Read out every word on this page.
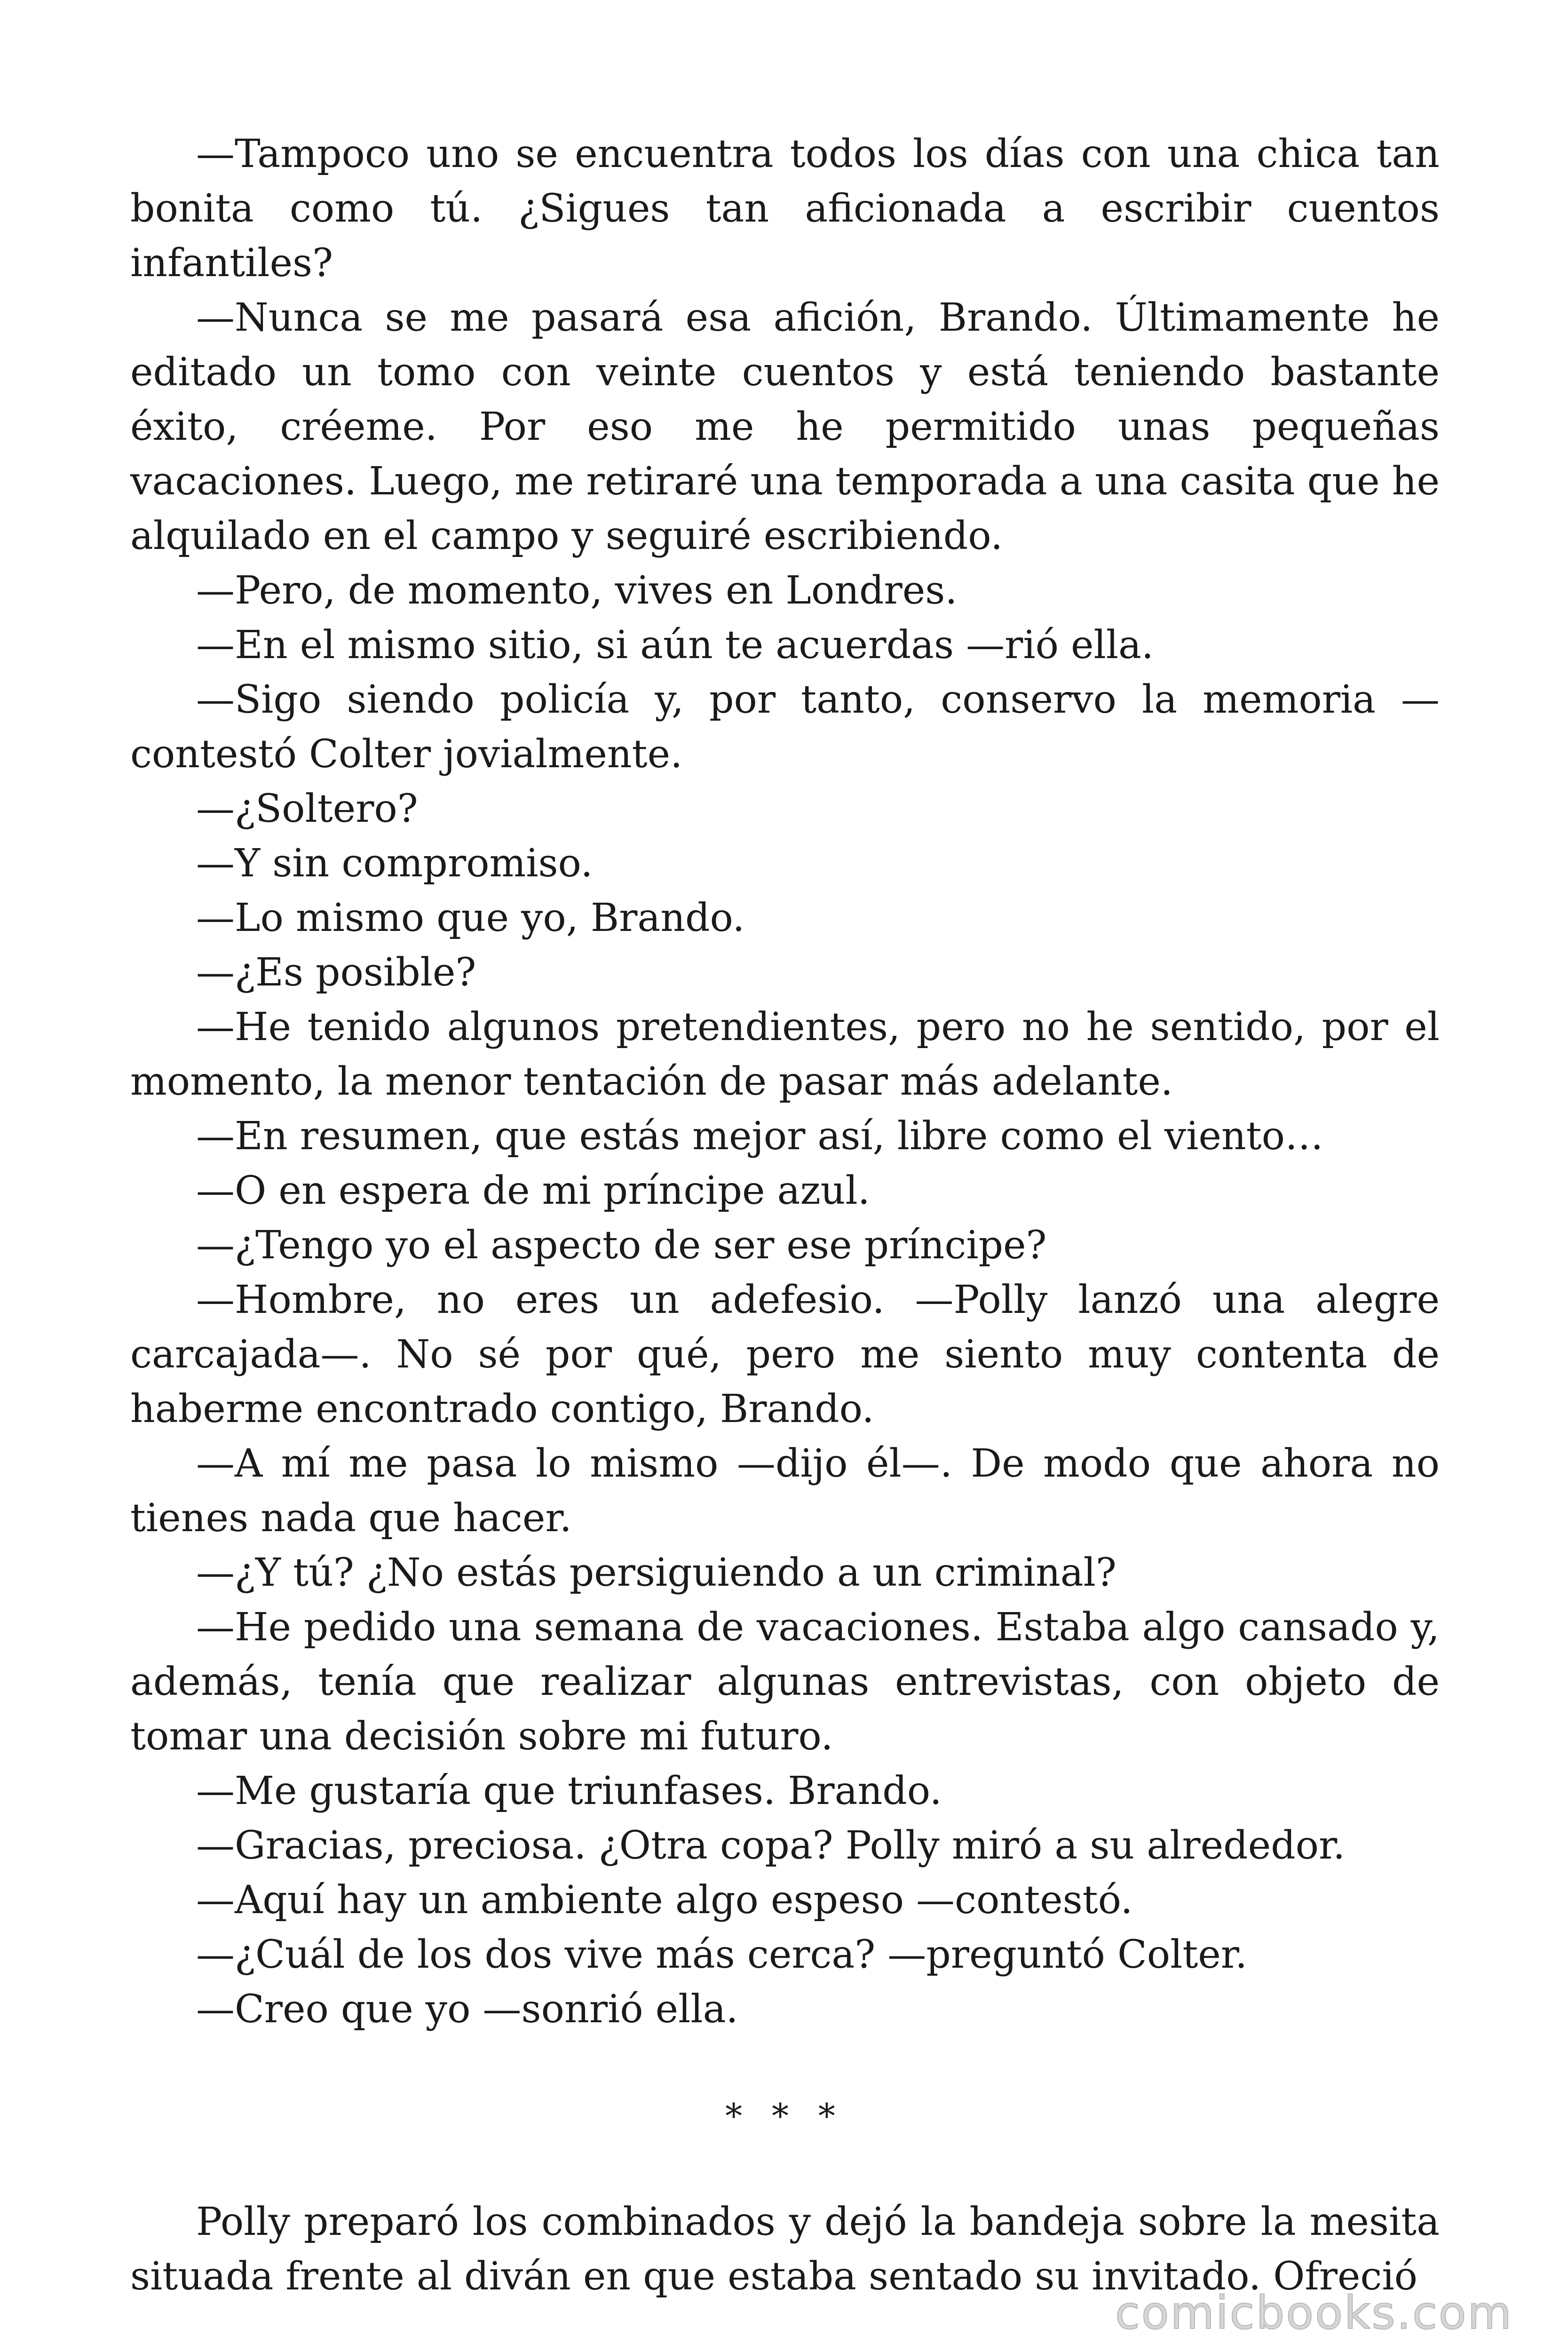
—Tampoco uno se encuentra todos los días con una chica tan bonita como tú. ¿Sigues tan aficionada a escribir cuentos infantiles?

—Nunca se me pasará esa afición, Brando. Últimamente he editado un tomo con veinte cuentos y está teniendo bastante éxito, créeme. Por eso me he permitido unas pequeñas vacaciones. Luego, me retiraré una temporada a una casita que he alquilado en el campo y seguiré escribiendo.

—Pero, de momento, vives en Londres.

—En el mismo sitio, si aún te acuerdas —rió ella.

—Sigo siendo policía y, por tanto, conservo la memoria —contestó Colter jovialmente.

—¿Soltero?

—Y sin compromiso.

—Lo mismo que yo, Brando.

—¿Es posible?

—He tenido algunos pretendientes, pero no he sentido, por el momento, la menor tentación de pasar más adelante.

—En resumen, que estás mejor así, libre como el viento…

—O en espera de mi príncipe azul.

—¿Tengo yo el aspecto de ser ese príncipe?

—Hombre, no eres un adefesio. —Polly lanzó una alegre carcajada—. No sé por qué, pero me siento muy contenta de haberme encontrado contigo, Brando.

—A mí me pasa lo mismo —dijo él—. De modo que ahora no tienes nada que hacer.

—¿Y tú? ¿No estás persiguiendo a un criminal?

—He pedido una semana de vacaciones. Estaba algo cansado y, además, tenía que realizar algunas entrevistas, con objeto de tomar una decisión sobre mi futuro.

—Me gustaría que triunfases. Brando.

—Gracias, preciosa. ¿Otra copa? Polly miró a su alrededor.

—Aquí hay un ambiente algo espeso —contestó.

—¿Cuál de los dos vive más cerca? —preguntó Colter.

—Creo que yo —sonrió ella.

* * *

Polly preparó los combinados y dejó la bandeja sobre la mesita situada frente al diván en que estaba sentado su invitado. Ofreció

comicbooks.com
